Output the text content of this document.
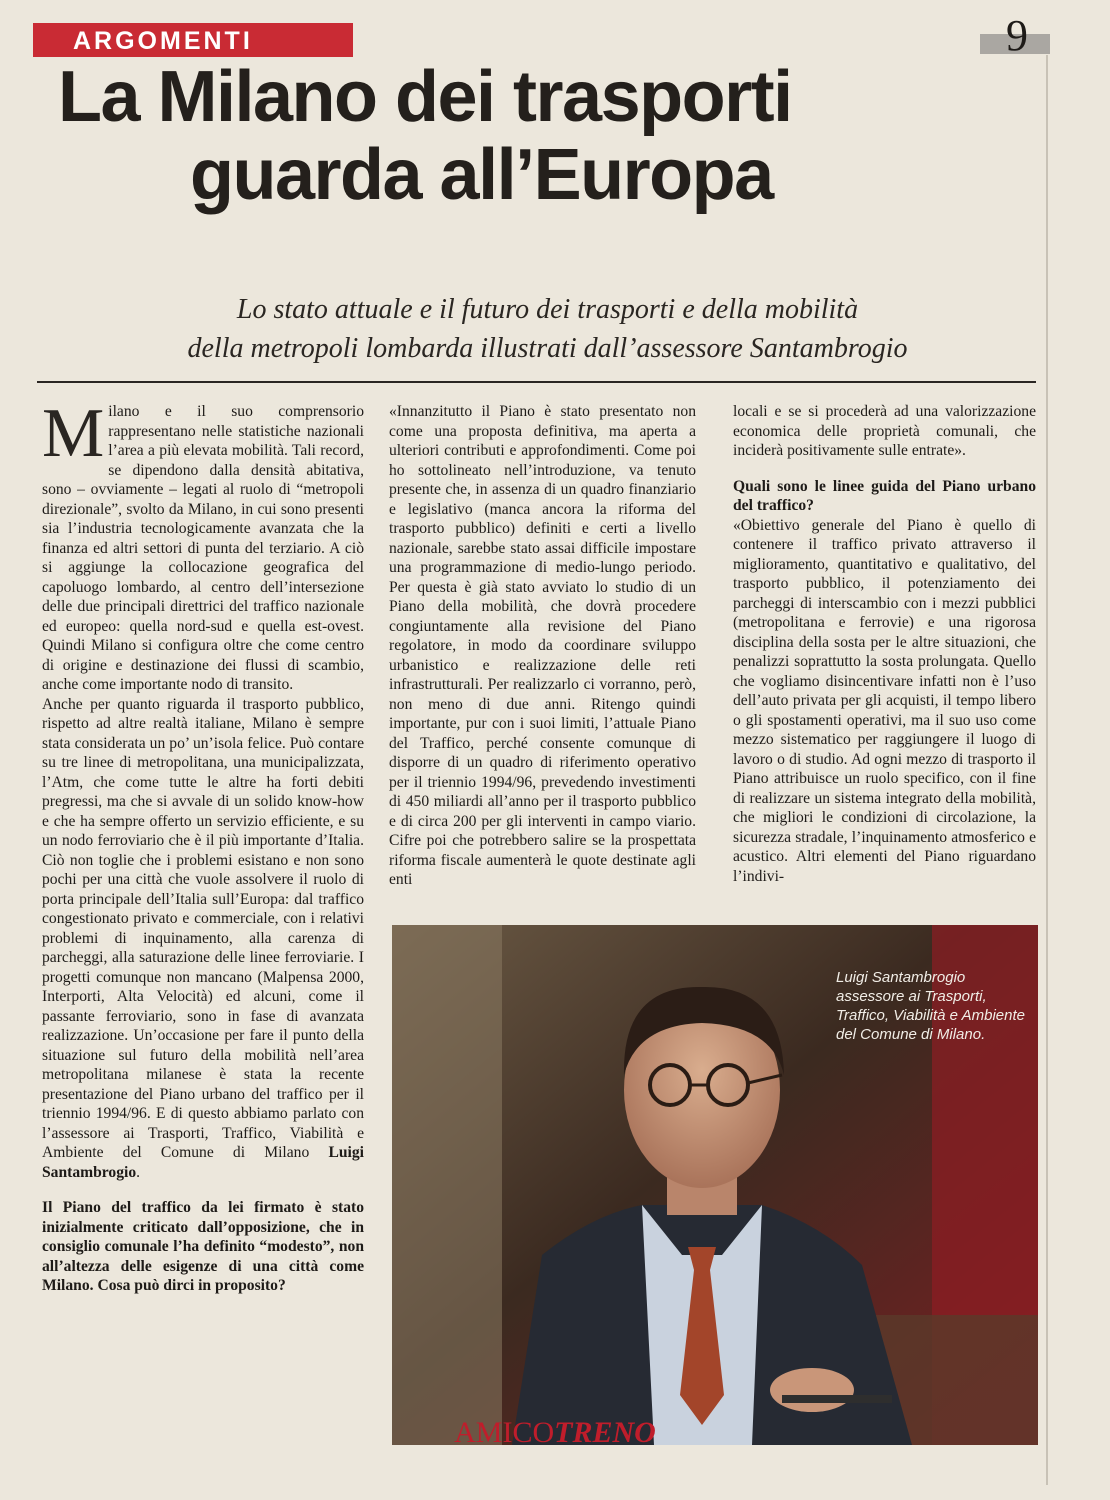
ARGOMENTI	9
La Milano dei trasporti
guarda all’Europa

Lo stato attuale e il futuro dei trasporti e della mobilità
della metropoli lombarda illustrati dall’assessore Santambrogio

Milano e il suo comprensorio rappresentano nelle statistiche nazionali l’area a più elevata mobilità. Tali record, se dipendono dalla densità abitativa, sono – ovviamente – legati al ruolo di “metropoli direzionale”, svolto da Milano, in cui sono presenti sia l’industria tecnologicamente avanzata che la finanza ed altri settori di punta del terziario. A ciò si aggiunge la collocazione geografica del capoluogo lombardo, al centro dell’intersezione delle due principali direttrici del traffico nazionale ed europeo: quella nord-sud e quella est-ovest. Quindi Milano si configura oltre che come centro di origine e destinazione dei flussi di scambio, anche come importante nodo di transito.

Anche per quanto riguarda il trasporto pubblico, rispetto ad altre realtà italiane, Milano è sempre stata considerata un po’ un’isola felice. Può contare su tre linee di metropolitana, una municipalizzata, l’Atm, che come tutte le altre ha forti debiti pregressi, ma che si avvale di un solido know-how e che ha sempre offerto un servizio efficiente, e su un nodo ferroviario che è il più importante d’Italia. Ciò non toglie che i problemi esistano e non sono pochi per una città che vuole assolvere il ruolo di porta principale dell’Italia sull’Europa: dal traffico congestionato privato e commerciale, con i relativi problemi di inquinamento, alla carenza di parcheggi, alla saturazione delle linee ferroviarie. I progetti comunque non mancano (Malpensa 2000, Interporti, Alta Velocità) ed alcuni, come il passante ferroviario, sono in fase di avanzata realizzazione. Un’occasione per fare il punto della situazione sul futuro della mobilità nell’area metropolitana milanese è stata la recente presentazione del Piano urbano del traffico per il triennio 1994/96. E di questo abbiamo parlato con l’assessore ai Trasporti, Traffico, Viabilità e Ambiente del Comune di Milano Luigi Santambrogio.

Il Piano del traffico da lei firmato è stato inizialmente criticato dall’opposizione, che in consiglio comunale l’ha definito “modesto”, non all’altezza delle esigenze di una città come Milano. Cosa può dirci in proposito?

«Innanzitutto il Piano è stato presentato non come una proposta definitiva, ma aperta a ulteriori contributi e approfondimenti. Come poi ho sottolineato nell’introduzione, va tenuto presente che, in assenza di un quadro finanziario e legislativo (manca ancora la riforma del trasporto pubblico) definiti e certi a livello nazionale, sarebbe stato assai difficile impostare una programmazione di medio-lungo periodo. Per questa è già stato avviato lo studio di un Piano della mobilità, che dovrà procedere congiuntamente alla revisione del Piano regolatore, in modo da coordinare sviluppo urbanistico e realizzazione delle reti infrastrutturali. Per realizzarlo ci vorranno, però, non meno di due anni. Ritengo quindi importante, pur con i suoi limiti, l’attuale Piano del Traffico, perché consente comunque di disporre di un quadro di riferimento operativo per il triennio 1994/96, prevedendo investimenti di 450 miliardi all’anno per il trasporto pubblico e di circa 200 per gli interventi in campo viario. Cifre poi che potrebbero salire se la prospettata riforma fiscale aumenterà le quote destinate agli enti

locali e se si procederà ad una valorizzazione economica delle proprietà comunali, che inciderà positivamente sulle entrate».

Quali sono le linee guida del Piano urbano del traffico?

«Obiettivo generale del Piano è quello di contenere il traffico privato attraverso il miglioramento, quantitativo e qualitativo, del trasporto pubblico, il potenziamento dei parcheggi di interscambio con i mezzi pubblici (metropolitana e ferrovie) e una rigorosa disciplina della sosta per le altre situazioni, che penalizzi soprattutto la sosta prolungata. Quello che vogliamo disincentivare infatti non è l’uso dell’auto privata per gli acquisti, il tempo libero o gli spostamenti operativi, ma il suo uso come mezzo sistematico per raggiungere il luogo di lavoro o di studio. Ad ogni mezzo di trasporto il Piano attribuisce un ruolo specifico, con il fine di realizzare un sistema integrato della mobilità, che migliori le condizioni di circolazione, la sicurezza stradale, l’inquinamento atmosferico e acustico. Altri elementi del Piano riguardano l’indivi-

Luigi Santambrogio assessore ai Trasporti, Traffico, Viabilità e Ambiente del Comune di Milano.
AMICOTRENO
